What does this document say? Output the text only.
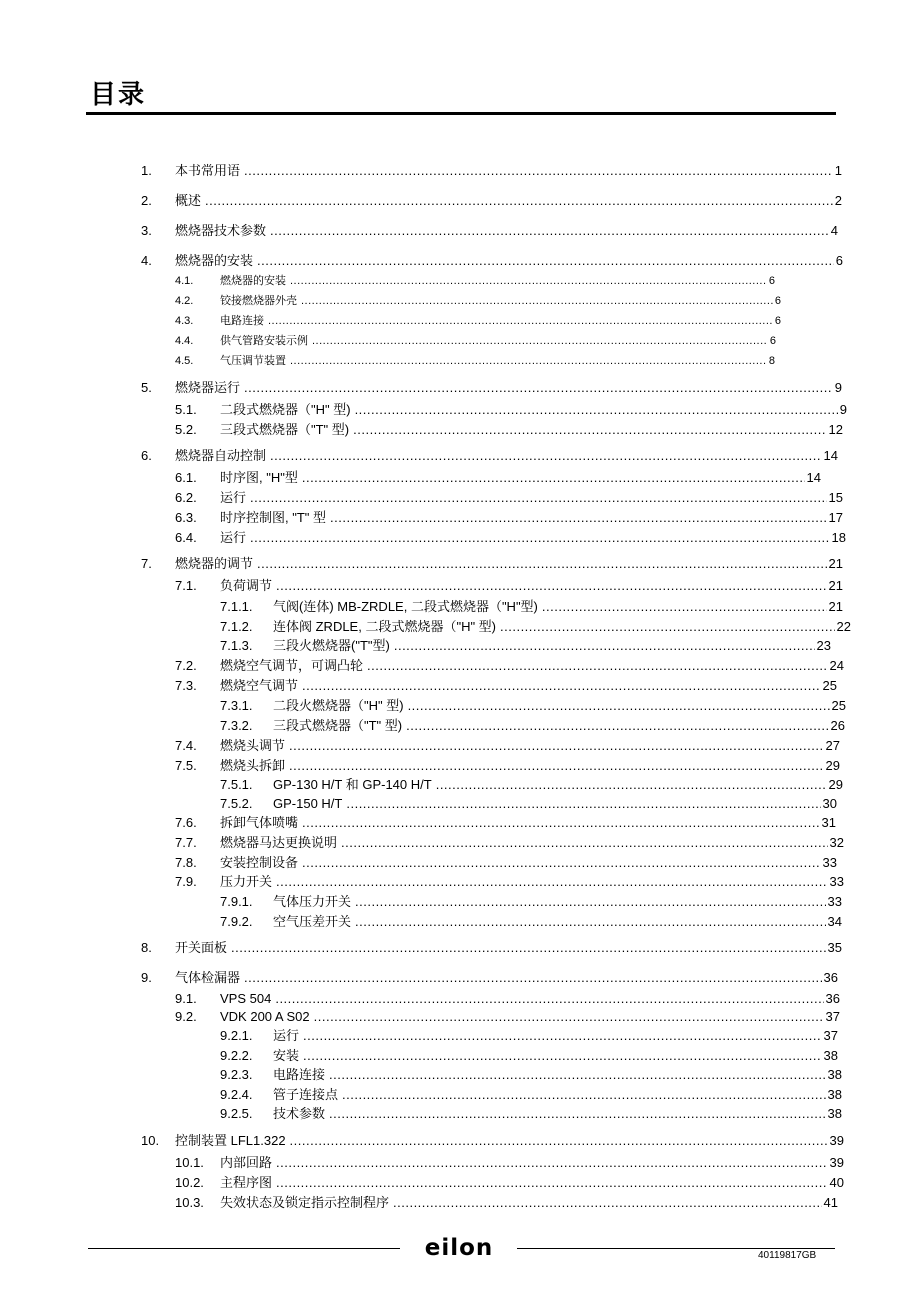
目录
1. 本书常用语 .....	1
2. 概述 .....	2
3. 燃烧器技术参数 .....	4
4. 燃烧器的安装 .....	6
4.1. 燃烧器的安装 .....	6
4.2. 铰接燃烧器外壳 .....	6
4.3. 电路连接 .....	6
4.4. 供气管路安装示例 .....	6
4.5. 气压调节装置 .....	8
5. 燃烧器运行 .....	9
5.1. 二段式燃烧器（"H" 型) .....	9
5.2. 三段式燃烧器（"T" 型) .....	12
6. 燃烧器自动控制 .....	14
6.1. 时序图, "H"型 .....	14
6.2. 运行 .....	15
6.3. 时序控制图, "T" 型 .....	17
6.4. 运行 .....	18
7. 燃烧器的调节 .....	21
7.1. 负荷调节 .....	21
7.1.1. 气阀(连体) MB-ZRDLE, 二段式燃烧器（"H"型) .....	21
7.1.2. 连体阀 ZRDLE, 二段式燃烧器（"H" 型) .....	22
7.1.3. 三段火燃烧器("T"型) .....	23
7.2. 燃烧空气调节，可调凸轮 .....	24
7.3. 燃烧空气调节 .....	25
7.3.1. 二段火燃烧器（"H" 型) .....	25
7.3.2. 三段式燃烧器（"T" 型) .....	26
7.4. 燃烧头调节 .....	27
7.5. 燃烧头拆卸 .....	29
7.5.1. GP-130 H/T 和 GP-140 H/T .....	29
7.5.2. GP-150 H/T .....	30
7.6. 拆卸气体喷嘴 .....	31
7.7. 燃烧器马达更换说明 .....	32
7.8. 安装控制设备 .....	33
7.9. 压力开关 .....	33
7.9.1. 气体压力开关 .....	33
7.9.2. 空气压差开关 .....	34
8. 开关面板 .....	35
9. 气体检漏器 .....	36
9.1. VPS 504 .....	36
9.2. VDK 200 A S02 .....	37
9.2.1. 运行 .....	37
9.2.2. 安装 .....	38
9.2.3. 电路连接 .....	38
9.2.4. 管子连接点 .....	38
9.2.5. 技术参数 .....	38
10. 控制装置 LFL1.322 .....	39
10.1. 内部回路 .....	39
10.2. 主程序图 .....	40
10.3. 失效状态及锁定指示控制程序 .....	41
eilon	40119817GB
